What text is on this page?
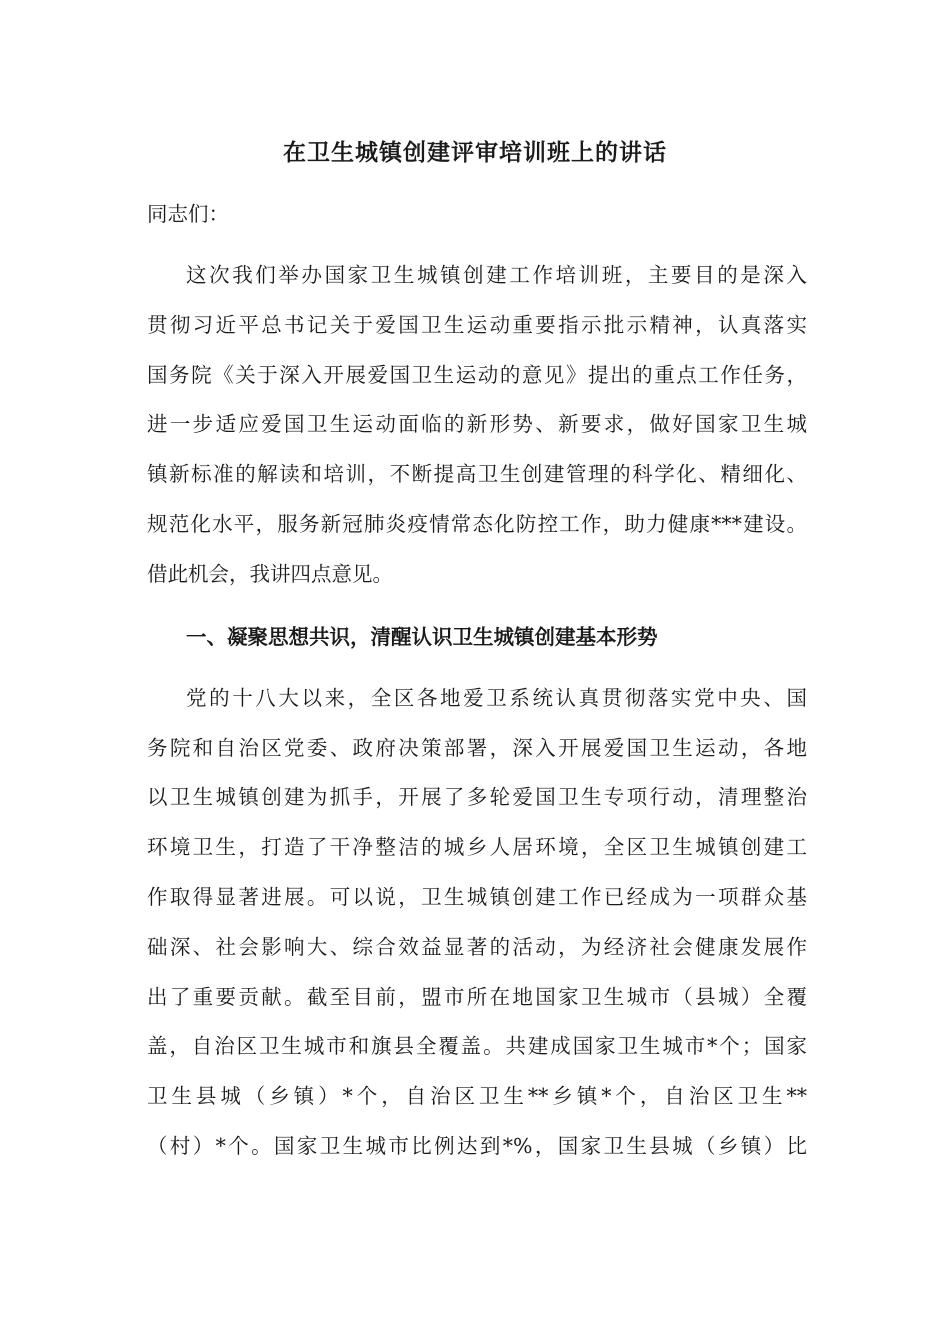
在卫生城镇创建评审培训班上的讲话
同志们：
这次我们举办国家卫生城镇创建工作培训班，主要目的是深入
贯彻习近平总书记关于爱国卫生运动重要指示批示精神，认真落实
国务院《关于深入开展爱国卫生运动的意见》提出的重点工作任务，
进一步适应爱国卫生运动面临的新形势、新要求，做好国家卫生城
镇新标准的解读和培训，不断提高卫生创建管理的科学化、精细化、
规范化水平，服务新冠肺炎疫情常态化防控工作，助力健康***建设。
借此机会，我讲四点意见。
一、凝聚思想共识，清醒认识卫生城镇创建基本形势
党的十八大以来，全区各地爱卫系统认真贯彻落实党中央、国
务院和自治区党委、政府决策部署，深入开展爱国卫生运动，各地
以卫生城镇创建为抓手，开展了多轮爱国卫生专项行动，清理整治
环境卫生，打造了干净整洁的城乡人居环境，全区卫生城镇创建工
作取得显著进展。可以说，卫生城镇创建工作已经成为一项群众基
础深、社会影响大、综合效益显著的活动，为经济社会健康发展作
出了重要贡献。截至目前，盟市所在地国家卫生城市（县城）全覆
盖，自治区卫生城市和旗县全覆盖。共建成国家卫生城市*个；国家
卫生县城（乡镇）*个，自治区卫生**乡镇*个，自治区卫生**
（村）*个。国家卫生城市比例达到*%，国家卫生县城（乡镇）比
